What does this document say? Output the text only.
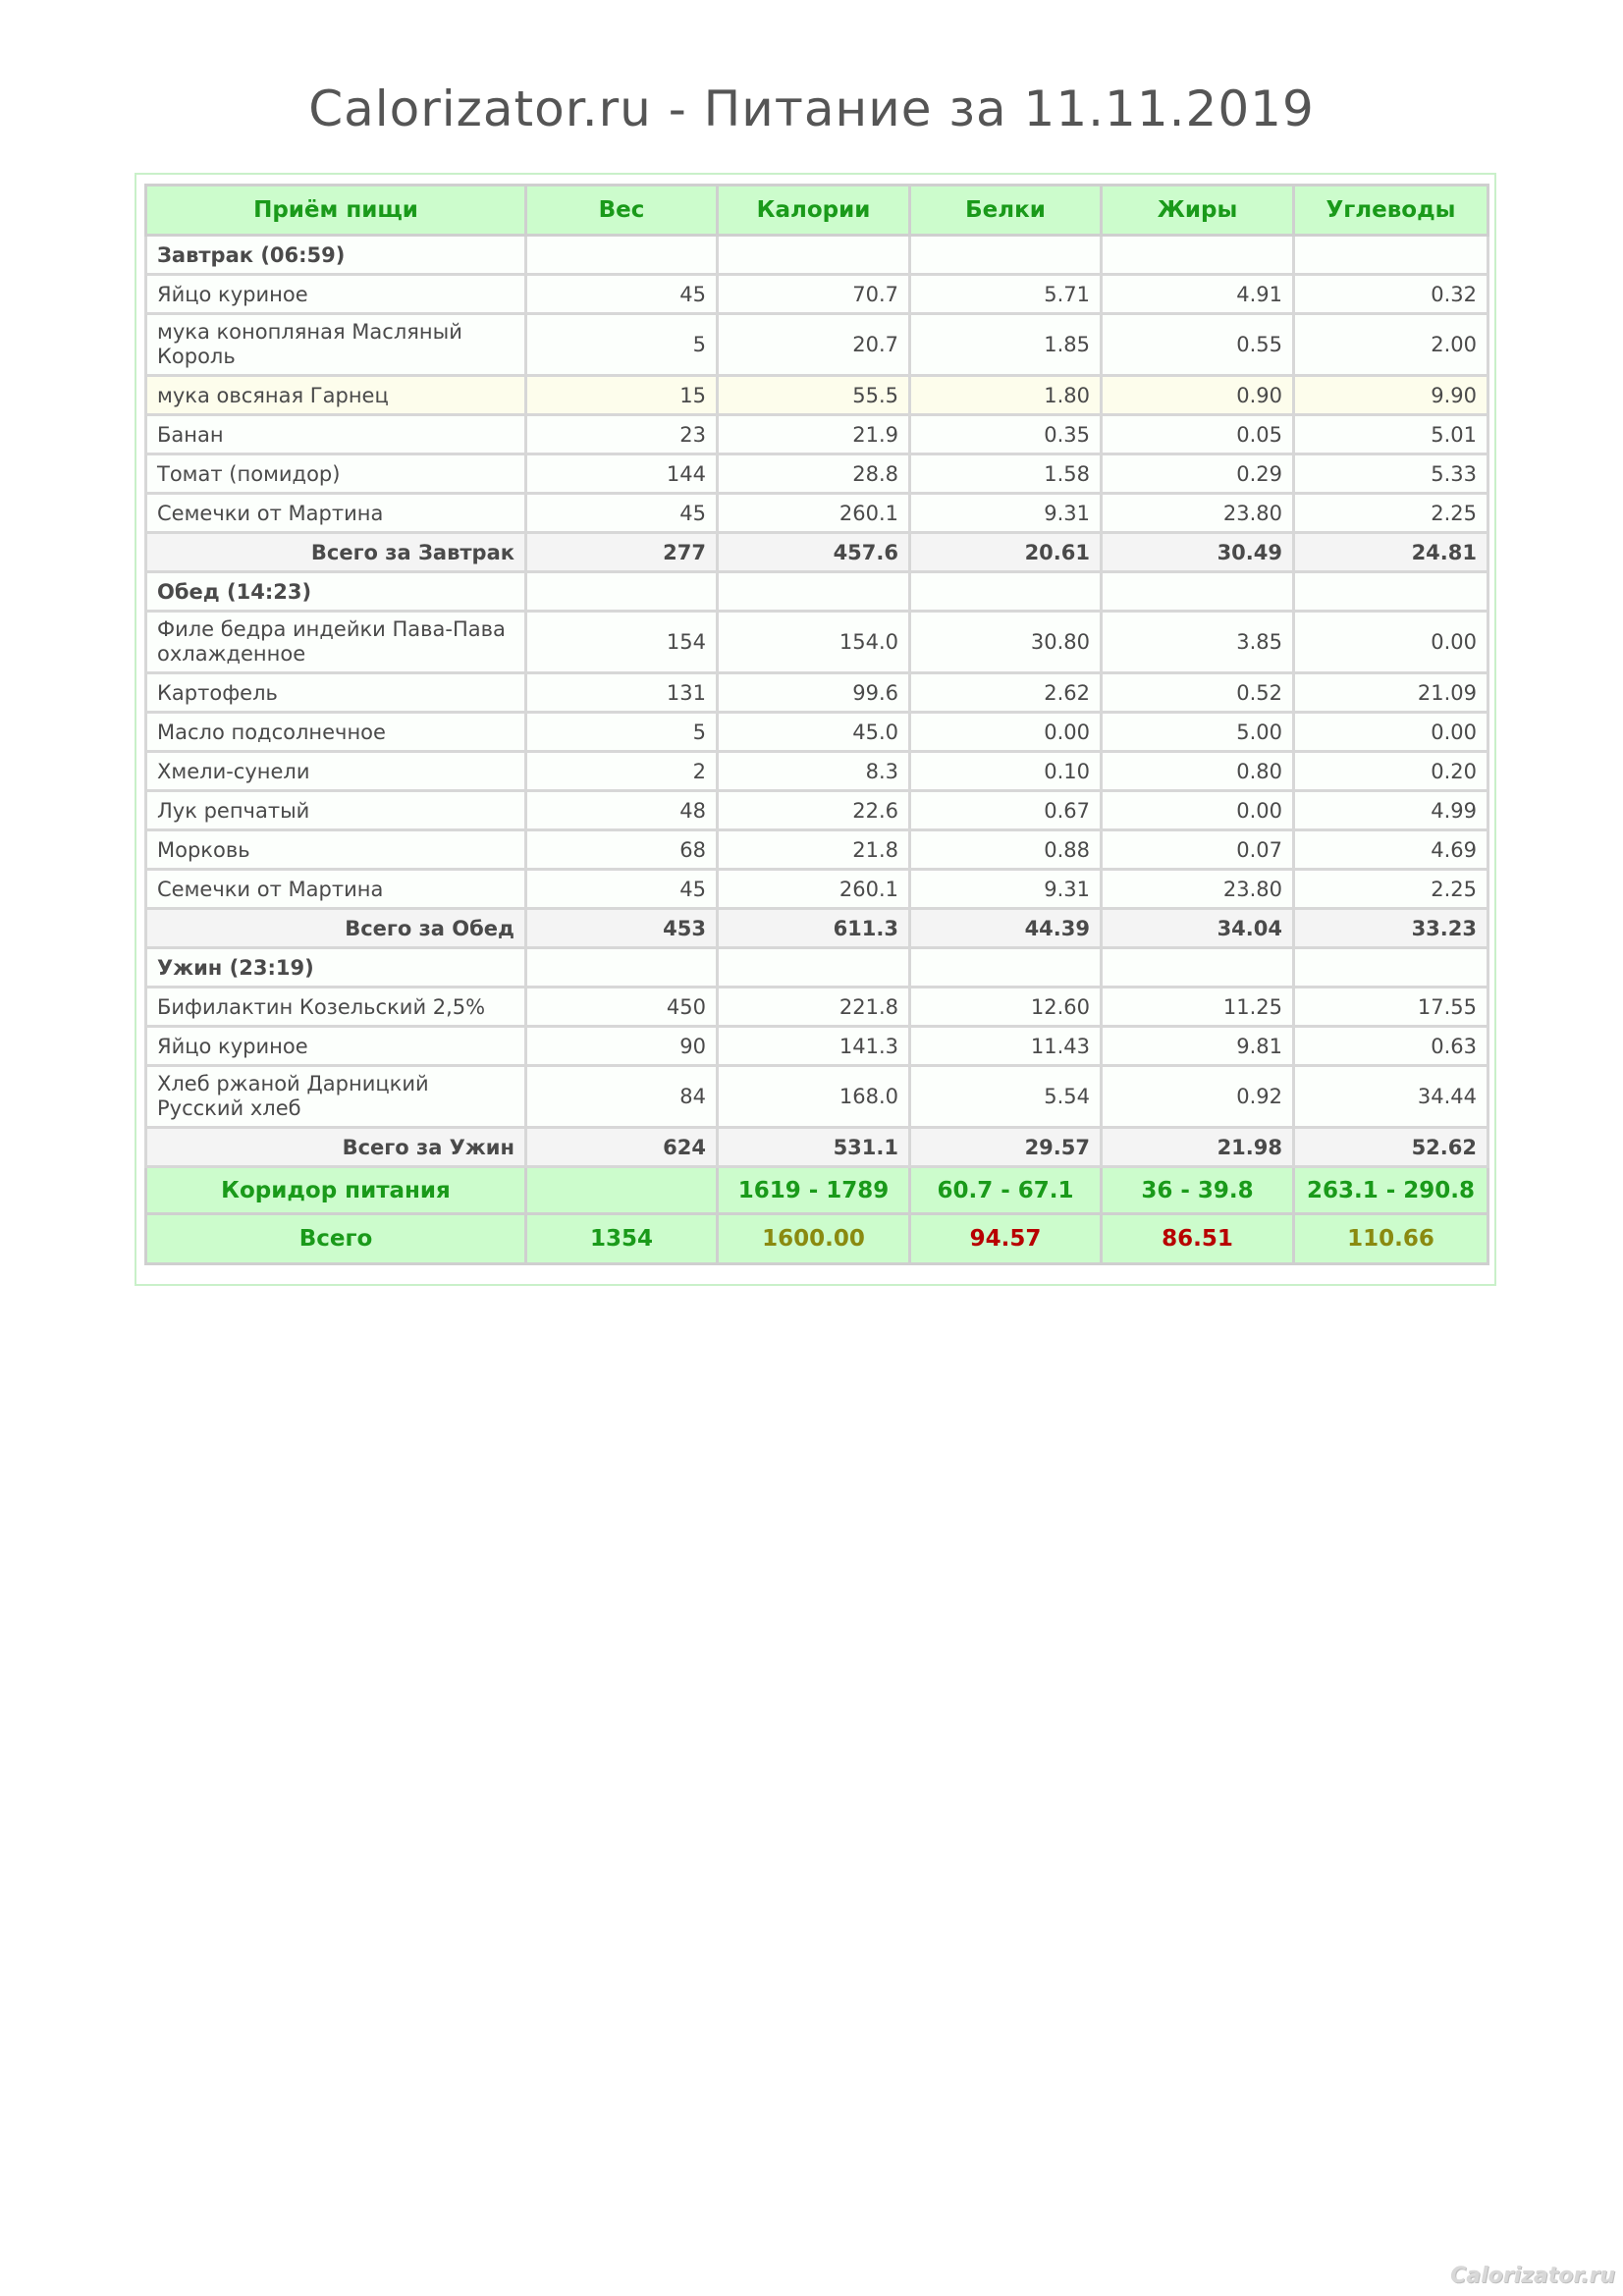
Calorizator.ru - Питание за 11.11.2019
Приём пищи	Вес	Калории	Белки	Жиры	Углеводы
Завтрак (06:59)					
Яйцо куриное	45	70.7	5.71	4.91	0.32
мука конопляная Масляный Король	5	20.7	1.85	0.55	2.00
мука овсяная Гарнец	15	55.5	1.80	0.90	9.90
Банан	23	21.9	0.35	0.05	5.01
Томат (помидор)	144	28.8	1.58	0.29	5.33
Семечки от Мартина	45	260.1	9.31	23.80	2.25
Всего за Завтрак	277	457.6	20.61	30.49	24.81
Обед (14:23)					
Филе бедра индейки Пава-Пава охлажденное	154	154.0	30.80	3.85	0.00
Картофель	131	99.6	2.62	0.52	21.09
Масло подсолнечное	5	45.0	0.00	5.00	0.00
Хмели-сунели	2	8.3	0.10	0.80	0.20
Лук репчатый	48	22.6	0.67	0.00	4.99
Морковь	68	21.8	0.88	0.07	4.69
Семечки от Мартина	45	260.1	9.31	23.80	2.25
Всего за Обед	453	611.3	44.39	34.04	33.23
Ужин (23:19)					
Бифилактин Козельский 2,5%	450	221.8	12.60	11.25	17.55
Яйцо куриное	90	141.3	11.43	9.81	0.63
Хлеб ржаной Дарницкий Русский хлеб	84	168.0	5.54	0.92	34.44
Всего за Ужин	624	531.1	29.57	21.98	52.62
Коридор питания		1619 - 1789	60.7 - 67.1	36 - 39.8	263.1 - 290.8
Всего	1354	1600.00	94.57	86.51	110.66
Calorizator.ru
